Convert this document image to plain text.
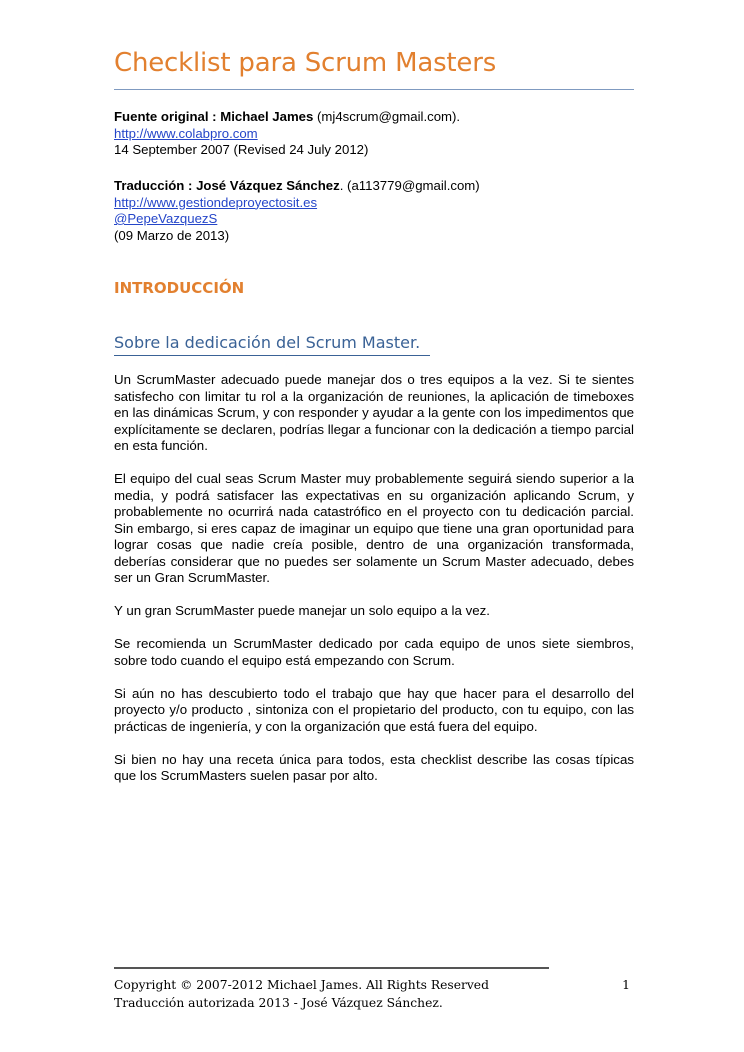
Checklist para Scrum Masters
Fuente original : Michael James (mj4scrum@gmail.com).
http://www.colabpro.com
14 September 2007 (Revised 24 July 2012)
Traducción : José Vázquez Sánchez. (a113779@gmail.com)
http://www.gestiondeproyectosit.es
@PepeVazquezS
(09 Marzo de 2013)
INTRODUCCIÓN
Sobre la dedicación del Scrum Master.

Un ScrumMaster adecuado puede manejar dos o tres equipos a la vez. Si te sientes satisfecho con limitar tu rol a la organización de reuniones, la aplicación de timeboxes en las dinámicas Scrum, y con responder y ayudar a la gente con los impedimentos que explícitamente se declaren, podrías llegar a funcionar con la dedicación a tiempo parcial en esta función.

El equipo del cual seas Scrum Master muy probablemente seguirá siendo superior a la media, y podrá satisfacer las expectativas en su organización aplicando Scrum, y probablemente no ocurrirá nada catastrófico en el proyecto con tu dedicación parcial. Sin embargo, si eres capaz de imaginar un equipo que tiene una gran oportunidad para lograr cosas que nadie creía posible, dentro de una organización transformada, deberías considerar que no puedes ser solamente un Scrum Master adecuado, debes ser un Gran ScrumMaster.

Y un gran ScrumMaster puede manejar un solo equipo a la vez.

Se recomienda un ScrumMaster dedicado por cada equipo de unos siete siembros, sobre todo cuando el equipo está empezando con Scrum.

Si aún no has descubierto todo el trabajo que hay que hacer para el desarrollo del proyecto y/o producto , sintoniza con el propietario del producto, con tu equipo, con las prácticas de ingeniería, y con la organización que está fuera del equipo.

Si bien no hay una receta única para todos, esta checklist describe las cosas típicas que los ScrumMasters suelen pasar por alto.

Copyright © 2007-2012 Michael James. All Rights Reserved	1
Traducción autorizada 2013 - José Vázquez Sánchez.
